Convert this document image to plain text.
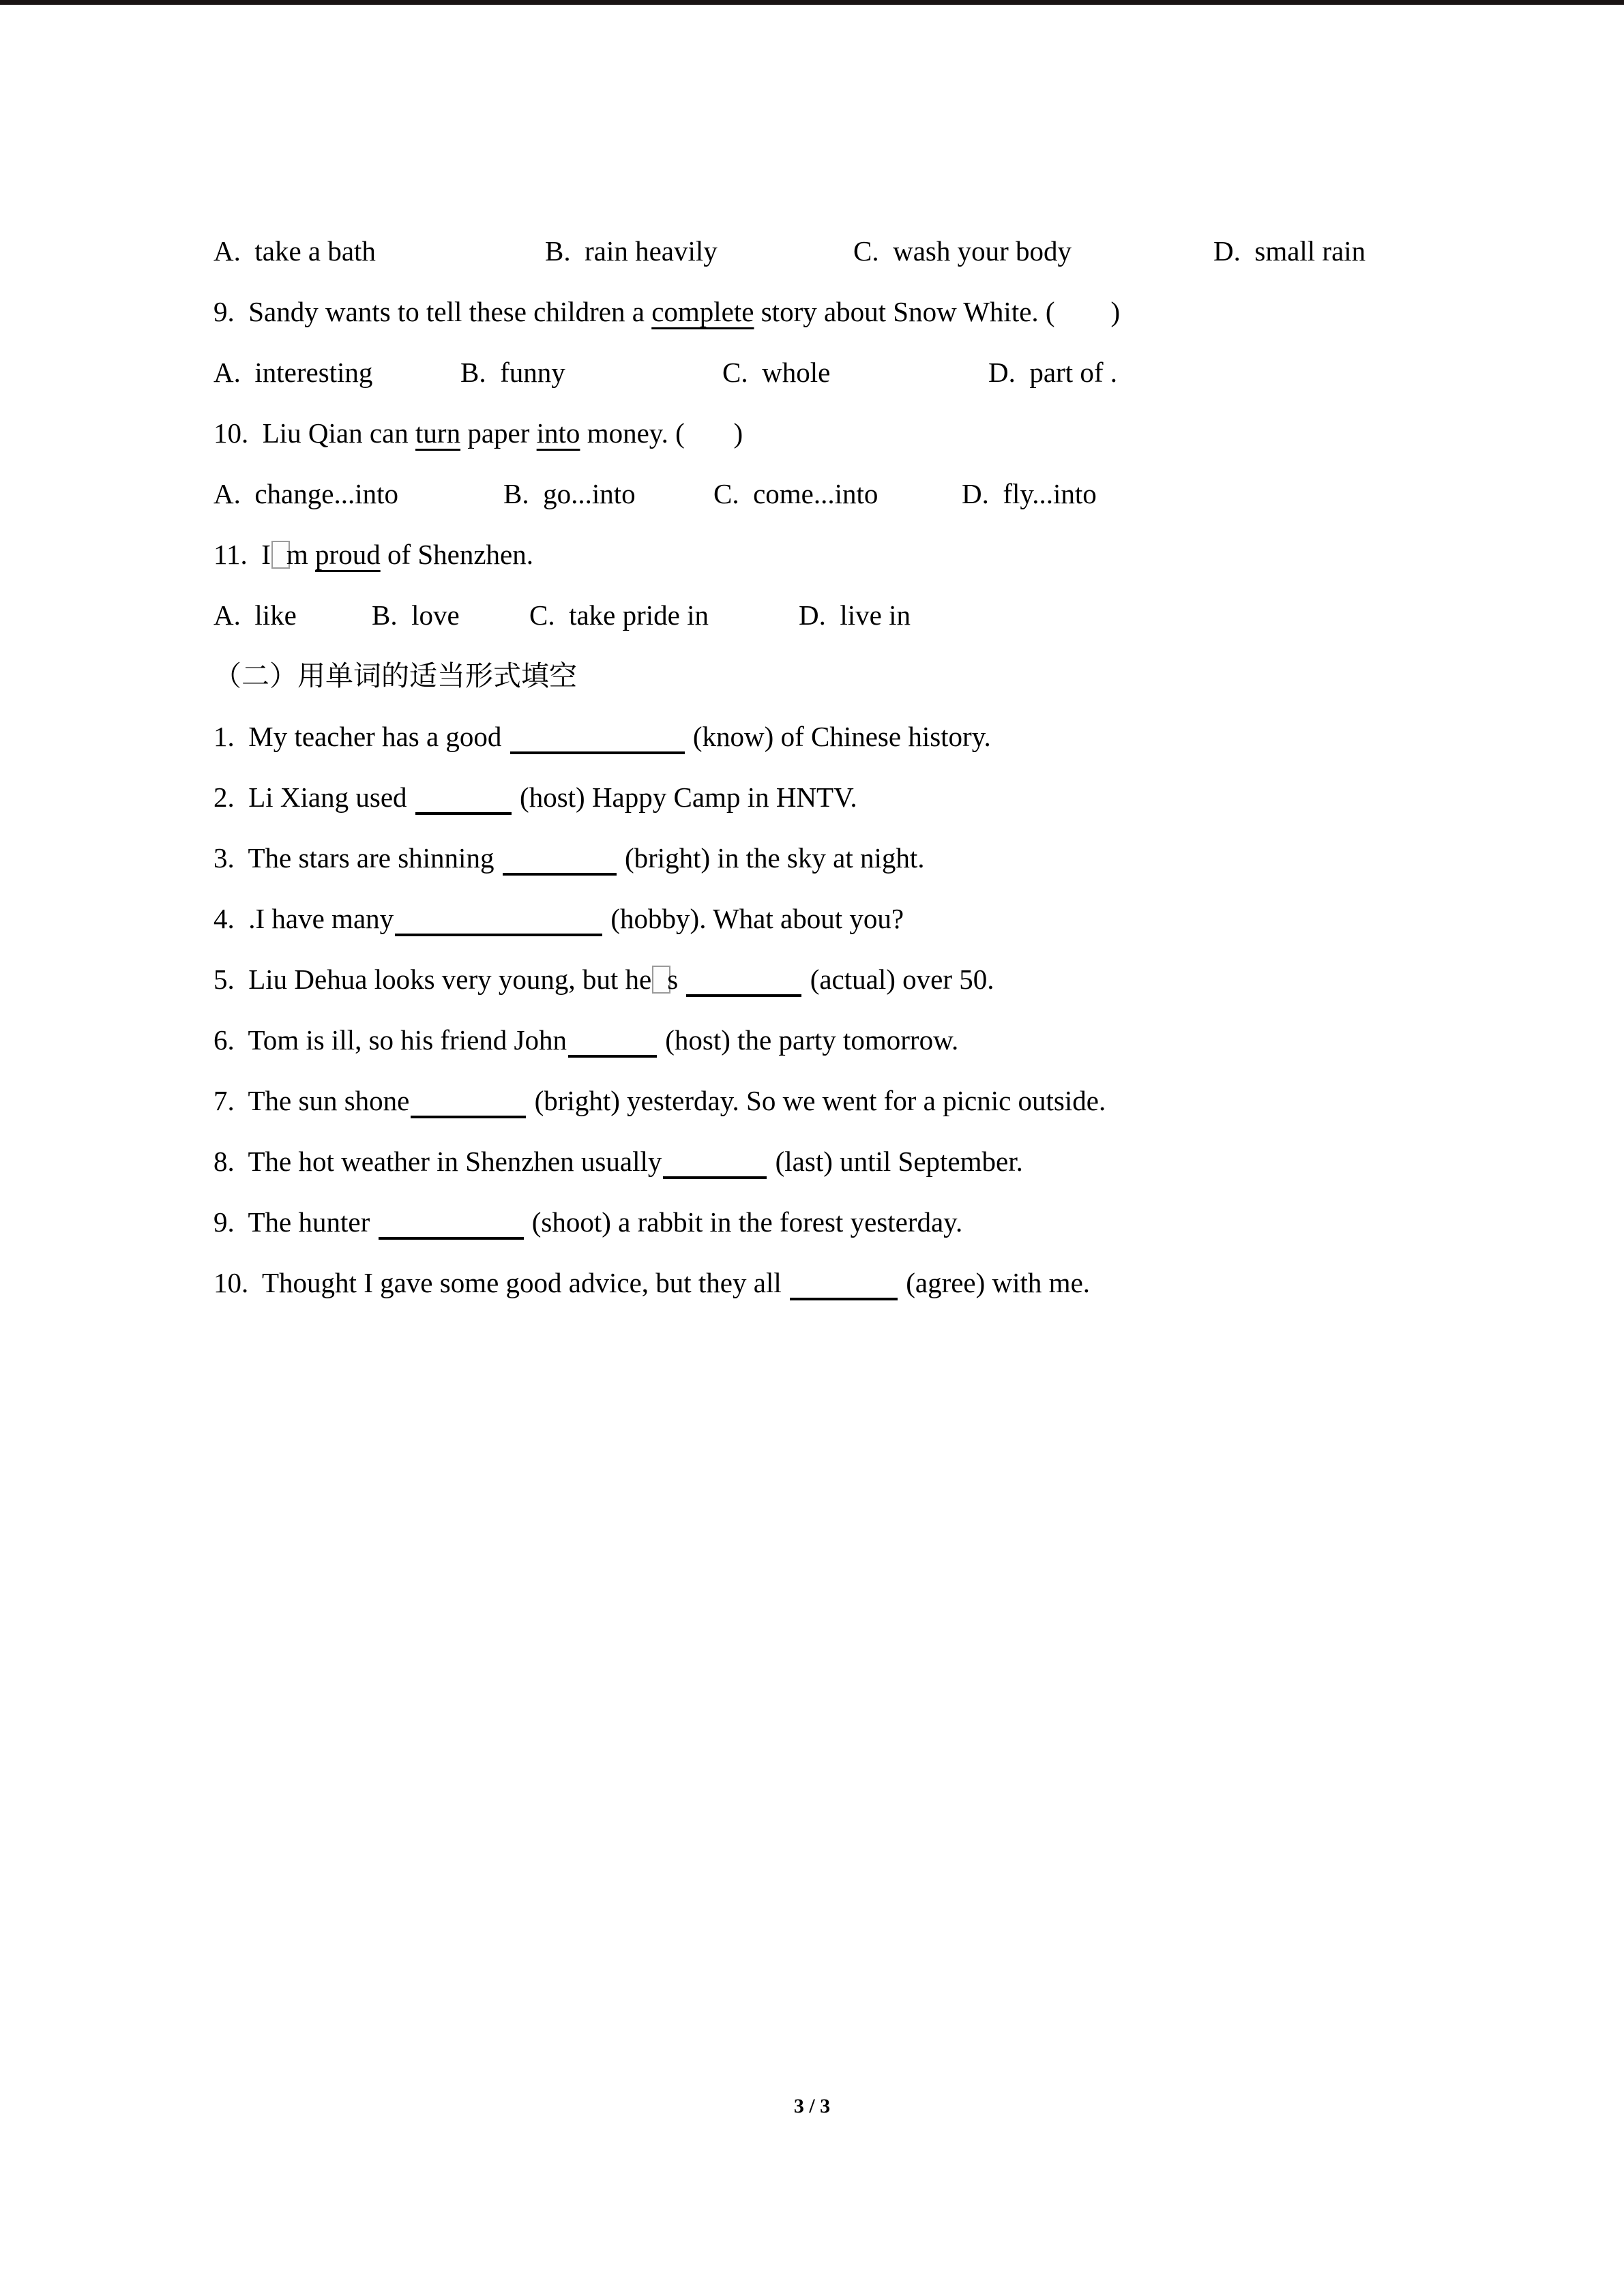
A.  take a bath	B.  rain heavily	C.  wash your body	D.  small rain
9.  Sandy wants to tell these children a complete story about Snow White. (        )
A.  interesting	B.  funny	C.  whole	D.  part of .
10.  Liu Qian can turn paper into money. (       )
A.  change...into	B.  go...into	C.  come...into	D.  fly...into
11.  I m proud of Shenzhen.
A.  like	B.  love C.  take pride in	D.  live in
（二）用单词的适当形式填空
1.  My teacher has a good	(know) of Chinese history.
2.  Li Xiang used	(host) Happy Camp in HNTV.
3.  The stars are shinning	(bright) in the sky at night.
4.  .I have many	(hobby). What about you?
5.  Liu Dehua looks very young, but he s	(actual) over 50.
6.  Tom is ill, so his friend John	(host) the party tomorrow.
7.  The sun shone	(bright) yesterday. So we went for a picnic outside.
8.  The hot weather in Shenzhen usually	(last) until September.
9.  The hunter	(shoot) a rabbit in the forest yesterday.
10.  Thought I gave some good advice, but they all	(agree) with me.
3 / 3
